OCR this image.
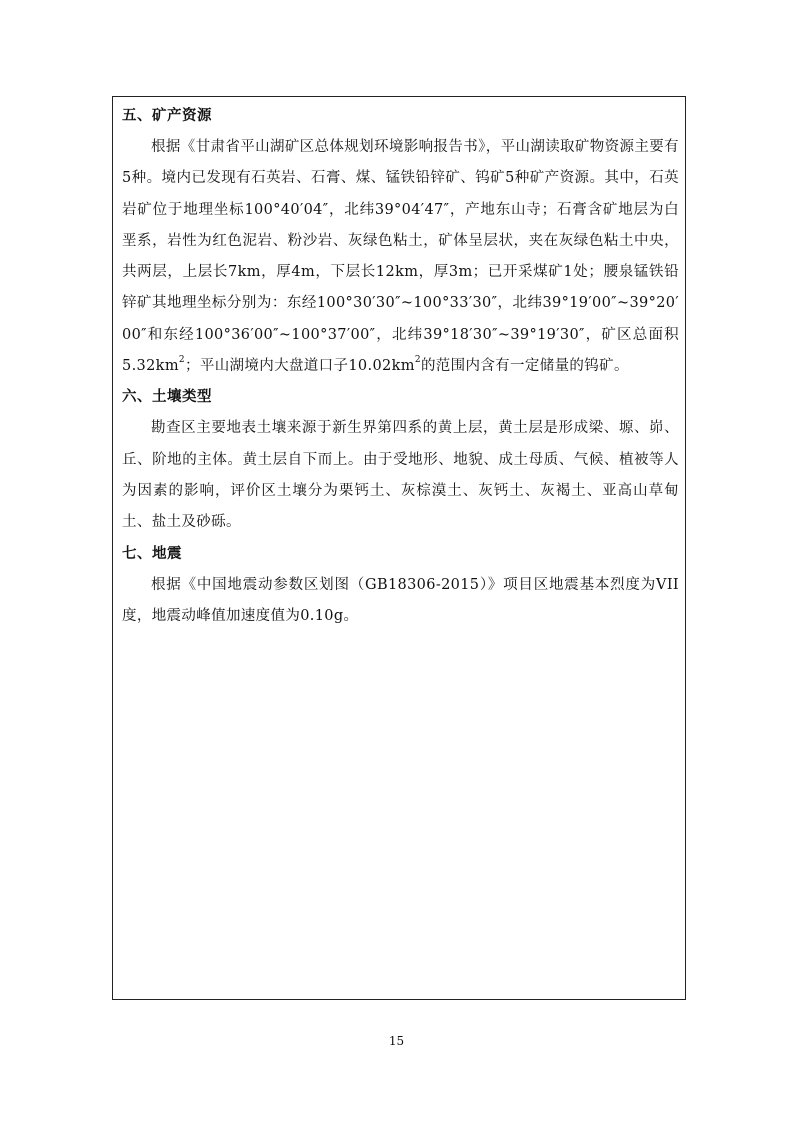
五、矿产资源

根据《甘肃省平山湖矿区总体规划环境影响报告书》，平山湖读取矿物资源主要有5种。境内已发现有石英岩、石膏、煤、锰铁铅锌矿、钨矿5种矿产资源。其中，石英岩矿位于地理坐标100°40′04″，北纬39°04′47″，产地东山寺；石膏含矿地层为白垩系，岩性为红色泥岩、粉沙岩、灰绿色粘土，矿体呈层状，夹在灰绿色粘土中央，共两层，上层长7km，厚4m，下层长12km，厚3m；已开采煤矿1处；腰泉锰铁铅锌矿其地理坐标分别为：东经100°30′30″~100°33′30″，北纬39°19′00″~39°20′00″和东经100°36′00″~100°37′00″，北纬39°18′30″~39°19′30″，矿区总面积$5.32km^2$；平山湖境内大盘道口子$10.02km^2$的范围内含有一定储量的钨矿。

六、土壤类型

勘查区主要地表土壤来源于新生界第四系的黄上层，黄土层是形成梁、塬、峁、丘、阶地的主体。黄土层自下而上。由于受地形、地貌、成土母质、气候、植被等人为因素的影响，评价区土壤分为栗钙土、灰棕漠土、灰钙土、灰褐土、亚高山草甸土、盐土及砂砾。

七、地震

根据《中国地震动参数区划图（GB18306-2015）》项目区地震基本烈度为VII度，地震动峰值加速度值为0.10g。

15
